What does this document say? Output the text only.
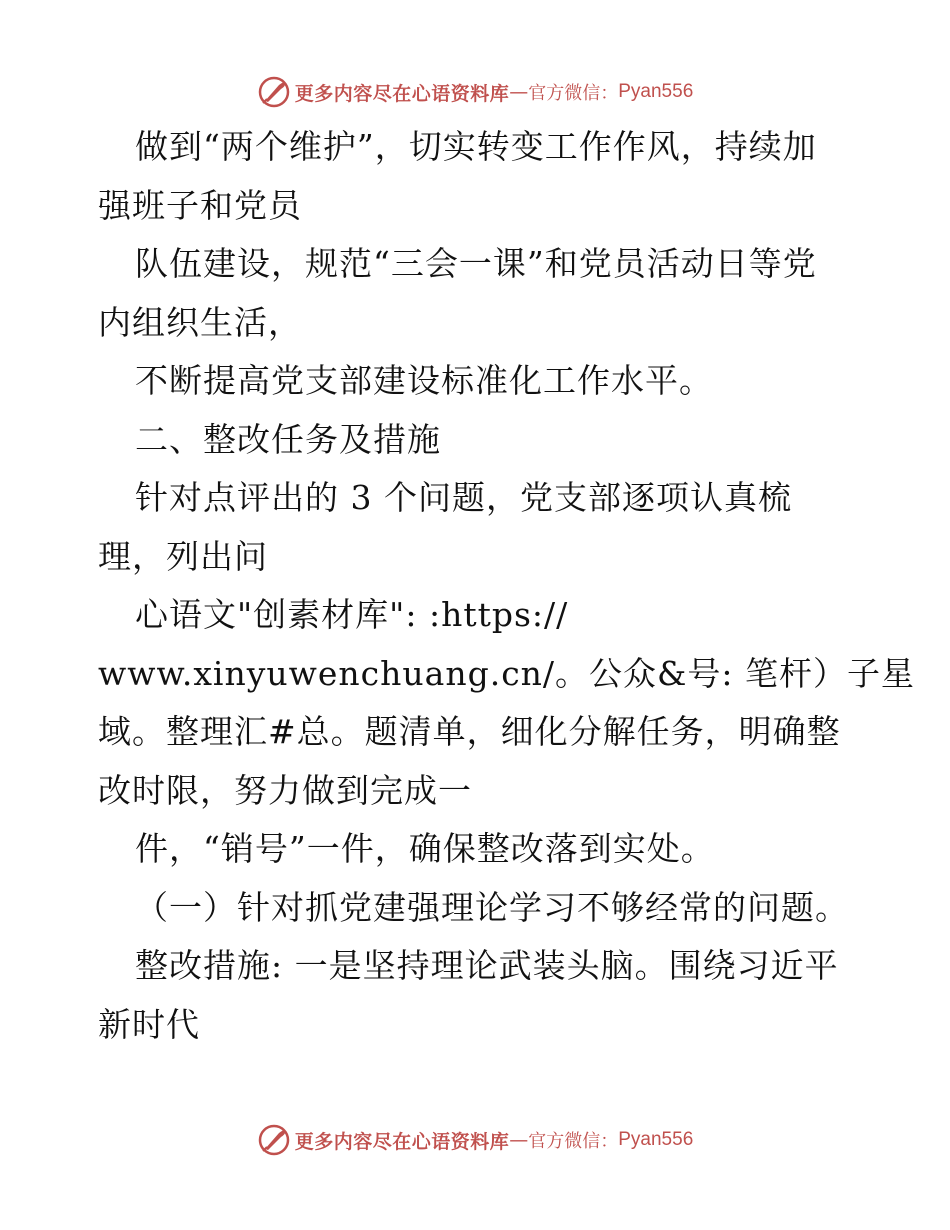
更多内容尽在心语资料库 — 官方微信： Pyan556
做到“两个维护”，切实转变工作作风，持续加
强班子和党员
队伍建设，规范“三会一课”和党员活动日等党
内组织生活，
不断提高党支部建设标准化工作水平。
二、整改任务及措施
针对点评出的 3 个问题，党支部逐项认真梳
理，列出问
心语文"创素材库": :https://
www.xinyuwenchuang.cn/。公众&号: 笔杆）子星
域。整理汇#总。题清单，细化分解任务，明确整
改时限，努力做到完成一
件，“销号”一件，确保整改落到实处。
（一）针对抓党建强理论学习不够经常的问题。
整改措施: 一是坚持理论武装头脑。围绕习近平
新时代
更多内容尽在心语资料库 — 官方微信： Pyan556
